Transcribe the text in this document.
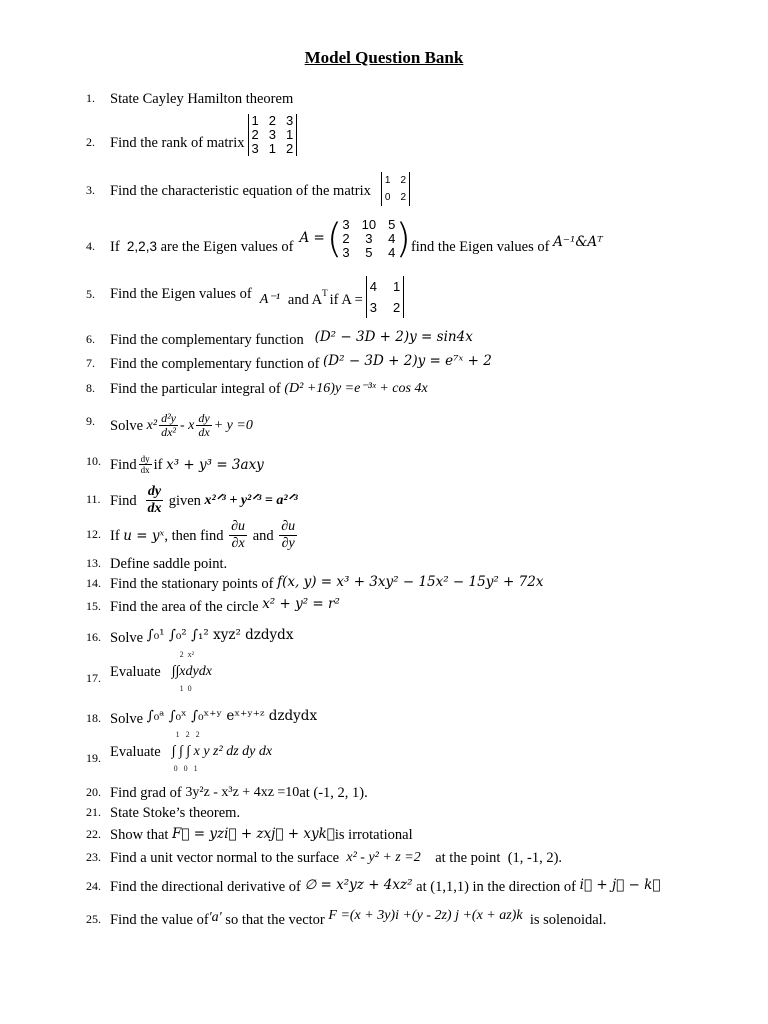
Model Question Bank
1.	State Cayley Hamilton theorem
2.	Find the rank of matrix
1 2 3
2 3 1
3 1 2
3.	Find the characteristic equation of the matrix
1 2
0 2
4.	If
2,2,3
are the Eigen values of
A = ( 3 10 5
2 3 4
3 5 4 ) find the Eigen values of
A⁻¹&Aᵀ
5.	Find the Eigen values of A⁻¹ and A T if A =
4 1
3 2
6.	Find the complementary function
(D² − 3D + 2)y = sin4x
7.	Find the complementary function of
(D² − 3D + 2)y = e⁷ˣ + 2
8.	Find the particular integral of
(D² +16)y =e⁻³ˣ + cos 4x
9.	Solve
$x^2 \frac{\text{d²y}}{\text{dx²}} - x \frac{dy}{dx} + y =0$
10. Find $\frac{dy}{dx}$ if
x³ + y³ = 3axy
11. Find
$\frac{dy}{dx}$
given
x²ᐟ³ + y²ᐟ³ = a²ᐟ³
12. If
u = yˣ , then find
$\frac{\partial u}{\partial x}$
and
$\frac{\partial u}{\partial y}$
13. Define saddle point.
14. Find the stationary points of
f(x, y) = x³ + 3xy² − 15x² − 15y² + 72x
15. Find the area of the circle
x² + y² = r²
16. Solve
∫₀¹ ∫₀² ∫₁² xyz² dzdydx
17. Evaluate

2  x²
∫∫xdydx
1  0
18. Solve
∫₀ᵃ ∫₀ˣ ∫₀ˣ⁺ʸ eˣ⁺ʸ⁺ᶻ dzdydx
19. Evaluate

1   2   2
∫ ∫ ∫ x y z² dz dy dx
0   0   1
20. Find grad of
3y²z - x³z + 4xz =10 at (-1, 2, 1).
21. State Stoke’s theorem.
22. Show that
F⃗ = yzi⃗ + zxj⃗ + xyk⃗ is irrotational
23. Find a unit vector normal to the surface
x² - y² + z =2
at the point  (1, -1, 2).
24. Find the directional derivative of
∅ = x²yz + 4xz²
at (1,1,1) in the direction of
i⃗ + j⃗ − k⃗
25. Find the value of 'a'
so that the vector
F =(x + 3y)i +(y - 2z) j +(x + az)k
is solenoidal.
